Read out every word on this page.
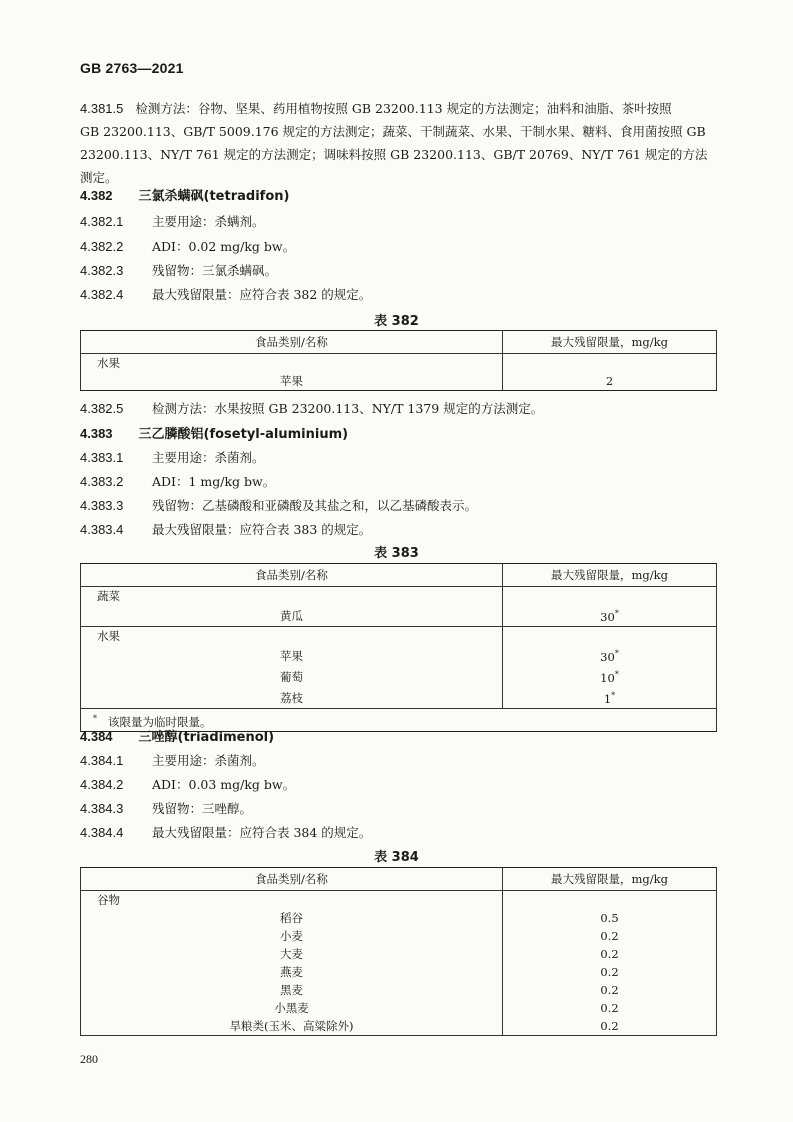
GB 2763—2021
4.381.5 检测方法：谷物、坚果、药用植物按照 GB 23200.113 规定的方法测定；油料和油脂、茶叶按照
GB 23200.113、GB/T 5009.176 规定的方法测定；蔬菜、干制蔬菜、水果、干制水果、糖料、食用菌按照 GB
23200.113、NY/T 761 规定的方法测定；调味料按照 GB 23200.113、GB/T 20769、NY/T 761 规定的方法
测定。
4.382 三氯杀螨砜(tetradifon)
4.382.1 主要用途：杀螨剂。
4.382.2 ADI：0.02 mg/kg bw。
4.382.3 残留物：三氯杀螨砜。
4.382.4 最大残留限量：应符合表 382 的规定。
表 382
食品类别/名称	最大残留限量，mg/kg
水果	
苹果	2
4.382.5 检测方法：水果按照 GB 23200.113、NY/T 1379 规定的方法测定。
4.383 三乙膦酸铝(fosetyl-aluminium)
4.383.1 主要用途：杀菌剂。
4.383.2 ADI：1 mg/kg bw。
4.383.3 残留物：乙基磷酸和亚磷酸及其盐之和，以乙基磷酸表示。
4.383.4 最大残留限量：应符合表 383 的规定。
表 383
食品类别/名称	最大残留限量，mg/kg
蔬菜	
黄瓜	30*
水果	
苹果	30*
葡萄	10*
荔枝	1*
* 该限量为临时限量。	
4.384 三唑醇(triadimenol)
4.384.1 主要用途：杀菌剂。
4.384.2 ADI：0.03 mg/kg bw。
4.384.3 残留物：三唑醇。
4.384.4 最大残留限量：应符合表 384 的规定。
表 384
食品类别/名称	最大残留限量，mg/kg
谷物	
稻谷	0.5
小麦	0.2
大麦	0.2
燕麦	0.2
黑麦	0.2
小黑麦	0.2
旱粮类(玉米、高粱除外)	0.2
280
